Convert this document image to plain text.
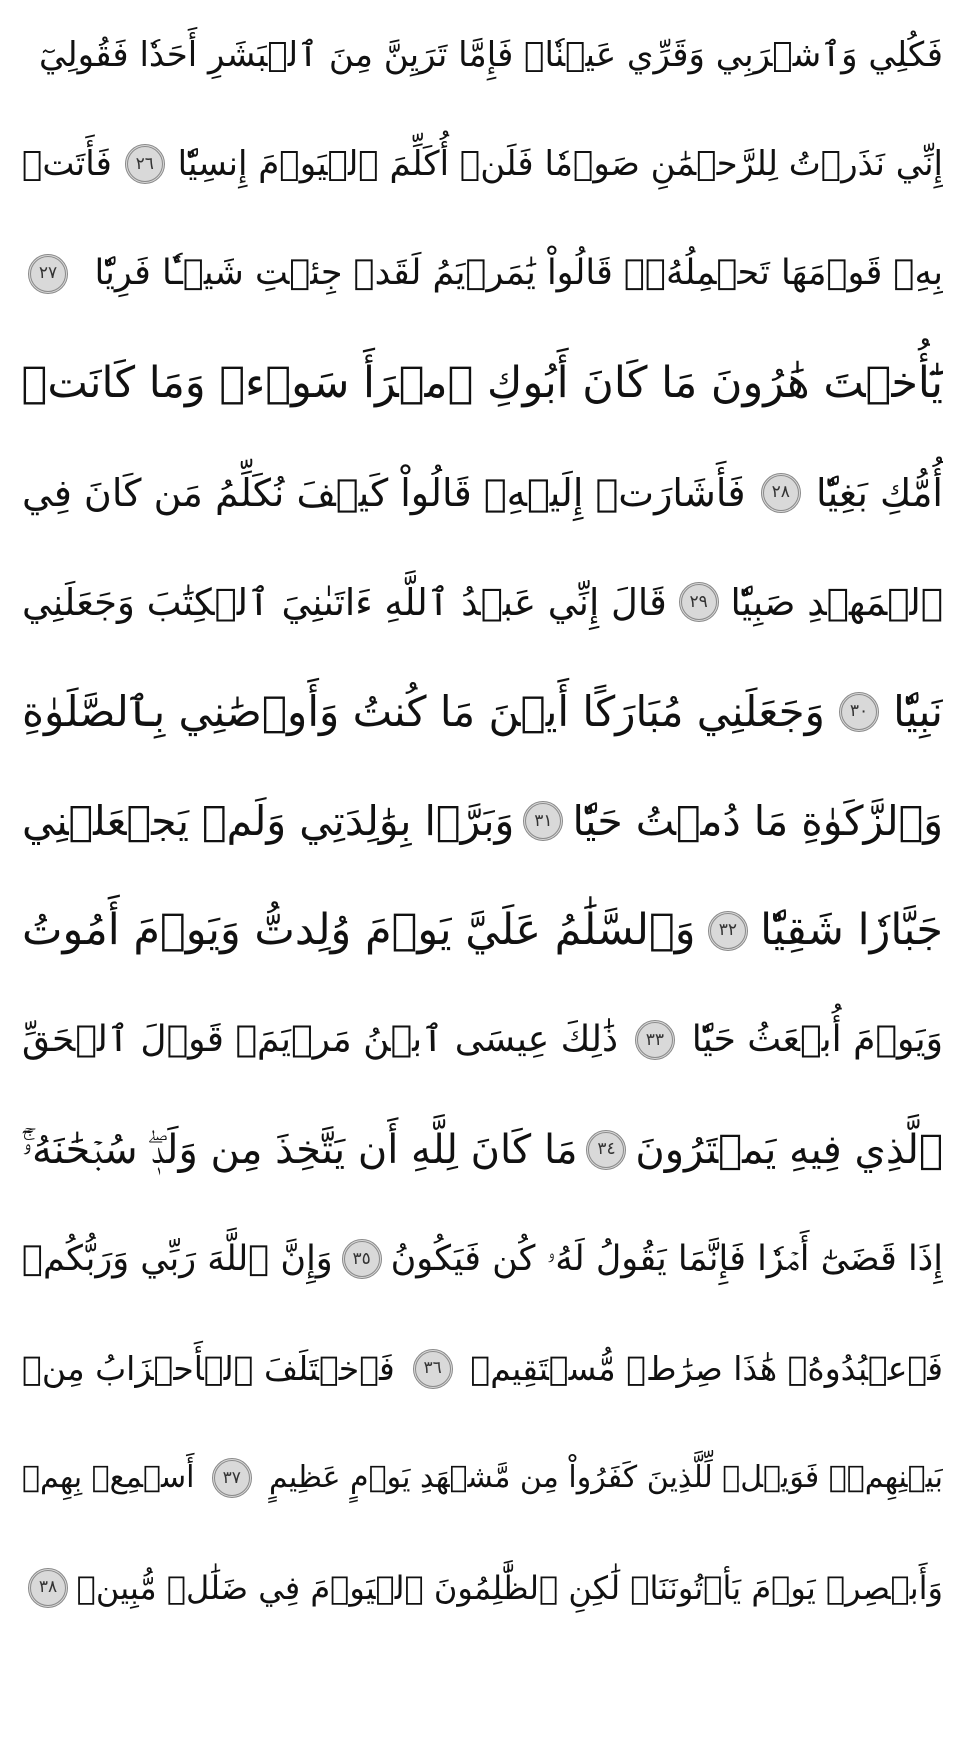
فَكُلِي وَٱشۡرَبِي وَقَرِّي عَيۡنٗاۖ فَإِمَّا تَرَيِنَّ مِنَ ٱلۡبَشَرِ أَحَدٗا فَقُولِيٓ
إِنِّي نَذَرۡتُ لِلرَّحۡمَٰنِ صَوۡمٗا فَلَنۡ أُكَلِّمَ ٱلۡيَوۡمَ إِنسِيّٗا
٢٦
فَأَتَتۡ
بِهِۦ قَوۡمَهَا تَحۡمِلُهُۥۖ قَالُواْ يَٰمَرۡيَمُ لَقَدۡ جِئۡتِ شَيۡـٔٗا فَرِيّٗا
٢٧
يَٰٓأُخۡتَ هَٰرُونَ مَا كَانَ أَبُوكِ ٱمۡرَأَ سَوۡءٖ وَمَا كَانَتۡ
أُمُّكِ بَغِيّٗا
٢٨
فَأَشَارَتۡ إِلَيۡهِۖ قَالُواْ كَيۡفَ نُكَلِّمُ مَن كَانَ فِي
ٱلۡمَهۡدِ صَبِيّٗا
٢٩
قَالَ إِنِّي عَبۡدُ ٱللَّهِ ءَاتَىٰنِيَ ٱلۡكِتَٰبَ وَجَعَلَنِي
نَبِيّٗا
٣٠
وَجَعَلَنِي مُبَارَكًا أَيۡنَ مَا كُنتُ وَأَوۡصَٰنِي بِٱلصَّلَوٰةِ
وَٱلزَّكَوٰةِ مَا دُمۡتُ حَيّٗا
٣١
وَبَرَّۢا بِوَٰلِدَتِي وَلَمۡ يَجۡعَلۡنِي
جَبَّارٗا شَقِيّٗا
٣٢
وَٱلسَّلَٰمُ عَلَيَّ يَوۡمَ وُلِدتُّ وَيَوۡمَ أَمُوتُ
وَيَوۡمَ أُبۡعَثُ حَيّٗا
٣٣
ذَٰلِكَ عِيسَى ٱبۡنُ مَرۡيَمَۖ قَوۡلَ ٱلۡحَقِّ
ٱلَّذِي فِيهِ يَمۡتَرُونَ
٣٤
مَا كَانَ لِلَّهِ أَن يَتَّخِذَ مِن وَلَدٖۖ سُبۡحَٰنَهُۥٓۚ
إِذَا قَضَىٰٓ أَمۡرٗا فَإِنَّمَا يَقُولُ لَهُۥ كُن فَيَكُونُ
٣٥
وَإِنَّ ٱللَّهَ رَبِّي وَرَبُّكُمۡ
فَٱعۡبُدُوهُۚ هَٰذَا صِرَٰطٞ مُّسۡتَقِيمٞ
٣٦
فَٱخۡتَلَفَ ٱلۡأَحۡزَابُ مِنۢ
بَيۡنِهِمۡۖ فَوَيۡلٞ لِّلَّذِينَ كَفَرُواْ مِن مَّشۡهَدِ يَوۡمٍ عَظِيمٍ
٣٧
أَسۡمِعۡ بِهِمۡ
وَأَبۡصِرۡ يَوۡمَ يَأۡتُونَنَاۖ لَٰكِنِ ٱلظَّٰلِمُونَ ٱلۡيَوۡمَ فِي ضَلَٰلٖ مُّبِينٖ
٣٨
